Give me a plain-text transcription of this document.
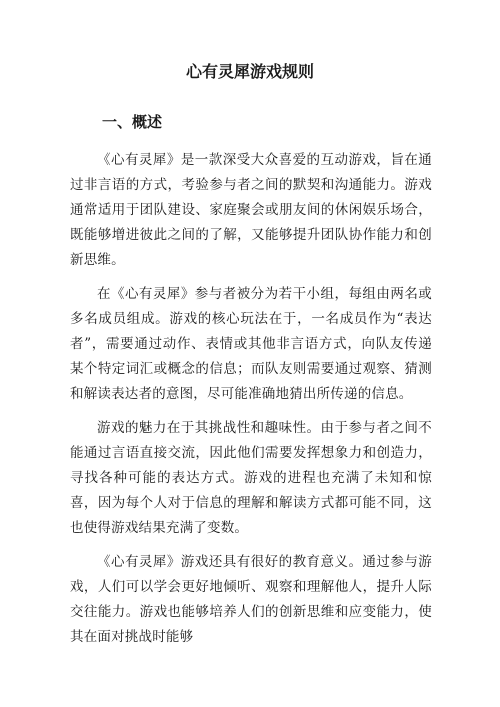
心有灵犀游戏规则
一、概述

《心有灵犀》是一款深受大众喜爱的互动游戏，旨在通过非言语的方式，考验参与者之间的默契和沟通能力。游戏通常适用于团队建设、家庭聚会或朋友间的休闲娱乐场合，既能够增进彼此之间的了解，又能够提升团队协作能力和创新思维。

在《心有灵犀》参与者被分为若干小组，每组由两名或多名成员组成。游戏的核心玩法在于，一名成员作为“表达者”，需要通过动作、表情或其他非言语方式，向队友传递某个特定词汇或概念的信息；而队友则需要通过观察、猜测和解读表达者的意图，尽可能准确地猜出所传递的信息。

游戏的魅力在于其挑战性和趣味性。由于参与者之间不能通过言语直接交流，因此他们需要发挥想象力和创造力，寻找各种可能的表达方式。游戏的进程也充满了未知和惊喜，因为每个人对于信息的理解和解读方式都可能不同，这也使得游戏结果充满了变数。

《心有灵犀》游戏还具有很好的教育意义。通过参与游戏，人们可以学会更好地倾听、观察和理解他人，提升人际交往能力。游戏也能够培养人们的创新思维和应变能力，使其在面对挑战时能够
